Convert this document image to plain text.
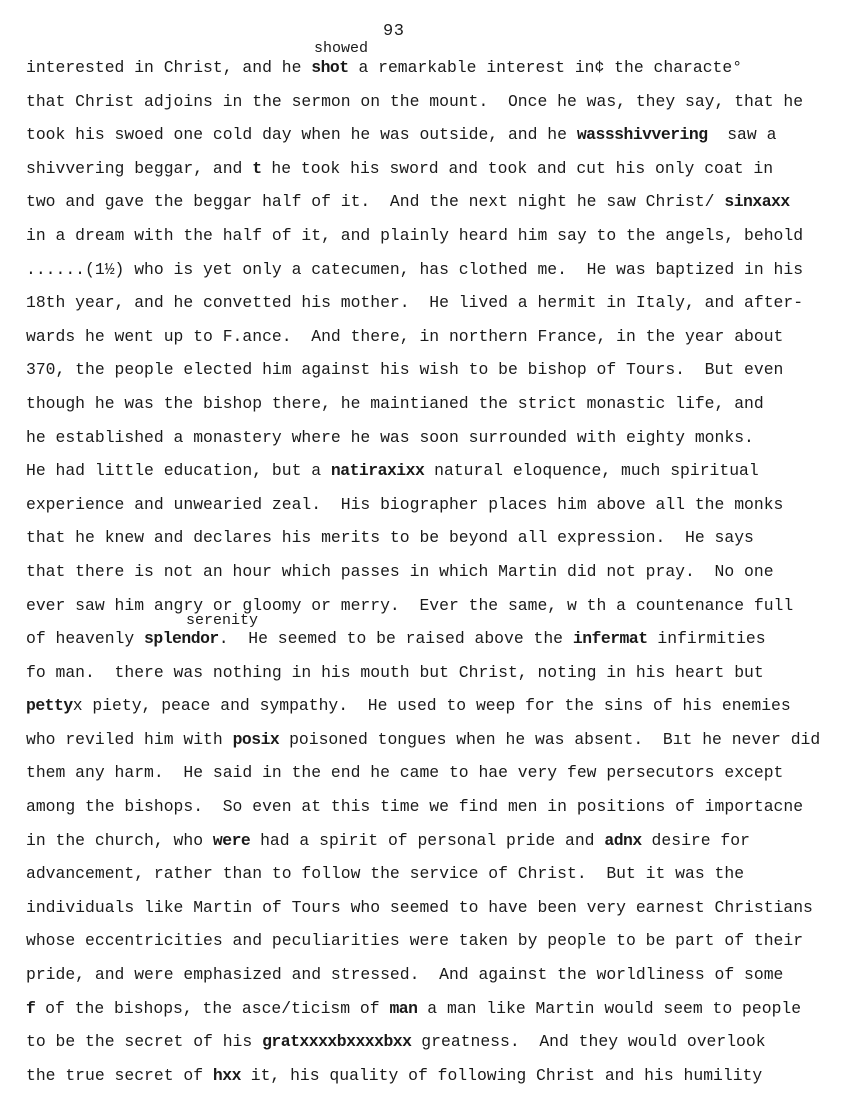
93
showed
serenity
interested in Christ, and he shot a remarkable interest in¢ the characte°
that Christ adjoins in the sermon on the mount.  Once he was, they say, that he
took his swoed one cold day when he was outside, and he wassshivvering  saw a
shivvering beggar, and t he took his sword and took and cut his only coat in
two and gave the beggar half of it.  And the next night he saw Christ/ sinxaxx
in a dream with the half of it, and plainly heard him say to the angels, behold
......(1½) who is yet only a catecumen, has clothed me.  He was baptized in his
18th year, and he convetted his mother.  He lived a hermit in Italy, and after-
wards he went up to F.ance.  And there, in northern France, in the year about
370, the people elected him against his wish to be bishop of Tours.  But even
though he was the bishop there, he maintianed the strict monastic life, and
he established a monastery where he was soon surrounded with eighty monks.
He had little education, but a natiraxixx natural eloquence, much spiritual
experience and unwearied zeal.  His biographer places him above all the monks
that he knew and declares his merits to be beyond all expression.  He says
that there is not an hour which passes in which Martin did not pray.  No one
ever saw him angry or gloomy or merry.  Ever the same, w th a countenance full
of heavenly splendor.  He seemed to be raised above the infermat infirmities
fo man.  there was nothing in his mouth but Christ, noting in his heart but
pettyx piety, peace and sympathy.  He used to weep for the sins of his enemies
who reviled him with posix poisoned tongues when he was absent.  Bıt he never did
them any harm.  He said in the end he came to hae very few persecutors except
among the bishops.  So even at this time we find men in positions of importacne
in the church, who were had a spirit of personal pride and adnx desire for
advancement, rather than to follow the service of Christ.  But it was the
individuals like Martin of Tours who seemed to have been very earnest Christians
whose eccentricities and peculiarities were taken by people to be part of their
pride, and were emphasized and stressed.  And against the worldliness of some
f of the bishops, the asce/ticism of man a man like Martin would seem to people
to be the secret of his gratxxxxbxxxxbxx greatness.  And they would overlook
the true secret of hxx it, his quality of following Christ and his humility
